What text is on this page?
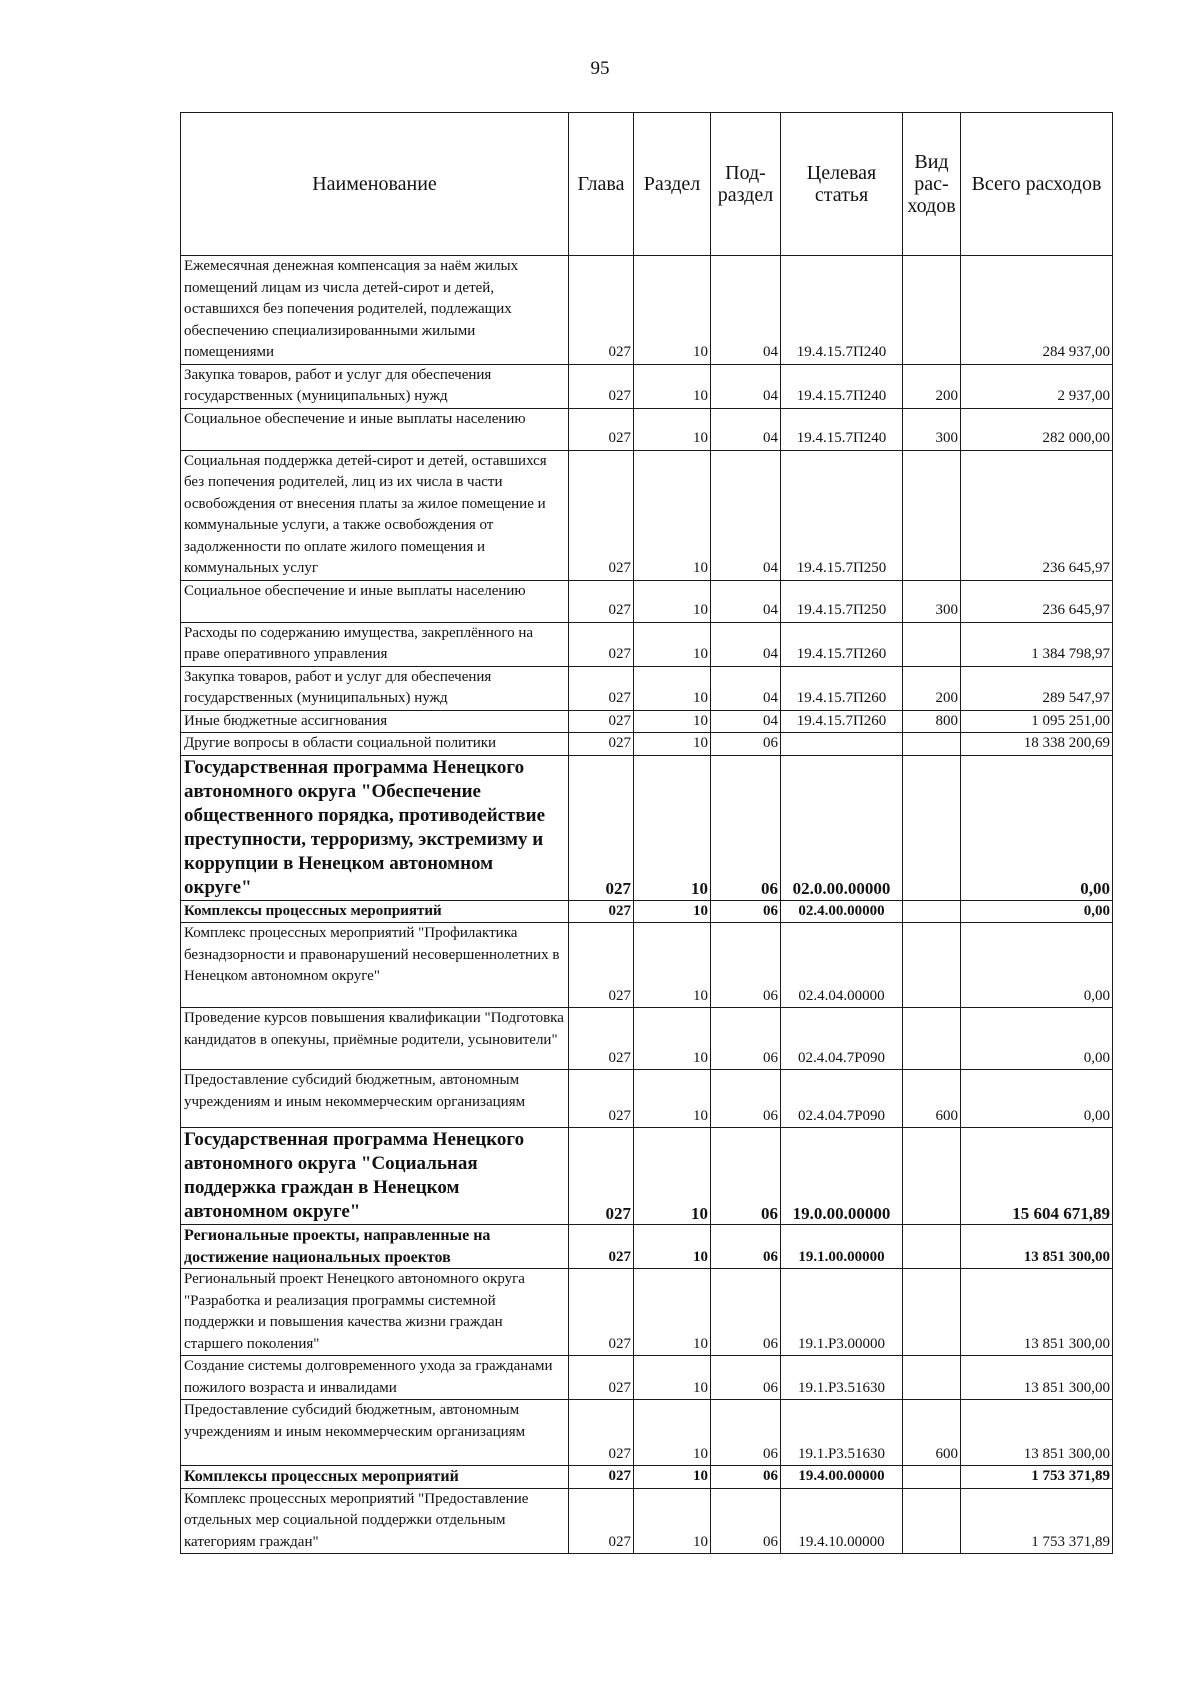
95
Наименование	Глава	Раздел	Под-раздел	Целевая статья	Вид рас-ходов	Всего расходов
Ежемесячная денежная компенсация за наём жилых помещений лицам из числа детей-сирот и детей, оставшихся без попечения родителей, подлежащих обеспечению специализированными жилыми помещениями	027	10	04	19.4.15.7П240		284 937,00
Закупка товаров, работ и услуг для обеспечения государственных (муниципальных) нужд	027	10	04	19.4.15.7П240	200	2 937,00
Социальное обеспечение и иные выплаты населению	027	10	04	19.4.15.7П240	300	282 000,00
Социальная поддержка детей-сирот и детей, оставшихся без попечения родителей, лиц из их числа в части освобождения от внесения платы за жилое помещение и коммунальные услуги, а также освобождения от задолженности по оплате жилого помещения и коммунальных услуг	027	10	04	19.4.15.7П250		236 645,97
Социальное обеспечение и иные выплаты населению	027	10	04	19.4.15.7П250	300	236 645,97
Расходы по содержанию имущества, закреплённого на праве оперативного управления	027	10	04	19.4.15.7П260		1 384 798,97
Закупка товаров, работ и услуг для обеспечения государственных (муниципальных) нужд	027	10	04	19.4.15.7П260	200	289 547,97
Иные бюджетные ассигнования	027	10	04	19.4.15.7П260	800	1 095 251,00
Другие вопросы в области социальной политики	027	10	06			18 338 200,69
Государственная программа Ненецкого автономного округа "Обеспечение общественного порядка, противодействие преступности, терроризму, экстремизму и коррупции в Ненецком автономном округе"	027	10	06	02.0.00.00000		0,00
Комплексы процессных мероприятий	027	10	06	02.4.00.00000		0,00
Комплекс процессных мероприятий "Профилактика безнадзорности и правонарушений несовершеннолетних в Ненецком автономном округе"	027	10	06	02.4.04.00000		0,00
Проведение курсов повышения квалификации "Подготовка кандидатов в опекуны, приёмные родители, усыновители"	027	10	06	02.4.04.7Р090		0,00
Предоставление субсидий бюджетным, автономным учреждениям и иным некоммерческим организациям	027	10	06	02.4.04.7Р090	600	0,00
Государственная программа Ненецкого автономного округа "Социальная поддержка граждан в Ненецком автономном округе"	027	10	06	19.0.00.00000		15 604 671,89
Региональные проекты, направленные на достижение национальных проектов	027	10	06	19.1.00.00000		13 851 300,00
Региональный проект Ненецкого автономного округа "Разработка и реализация программы системной поддержки и повышения качества жизни граждан старшего поколения"	027	10	06	19.1.Р3.00000		13 851 300,00
Создание системы долговременного ухода за гражданами пожилого возраста и инвалидами	027	10	06	19.1.Р3.51630		13 851 300,00
Предоставление субсидий бюджетным, автономным учреждениям и иным некоммерческим организациям	027	10	06	19.1.Р3.51630	600	13 851 300,00
Комплексы процессных мероприятий	027	10	06	19.4.00.00000		1 753 371,89
Комплекс процессных мероприятий "Предоставление отдельных мер социальной поддержки отдельным категориям граждан"	027	10	06	19.4.10.00000		1 753 371,89
